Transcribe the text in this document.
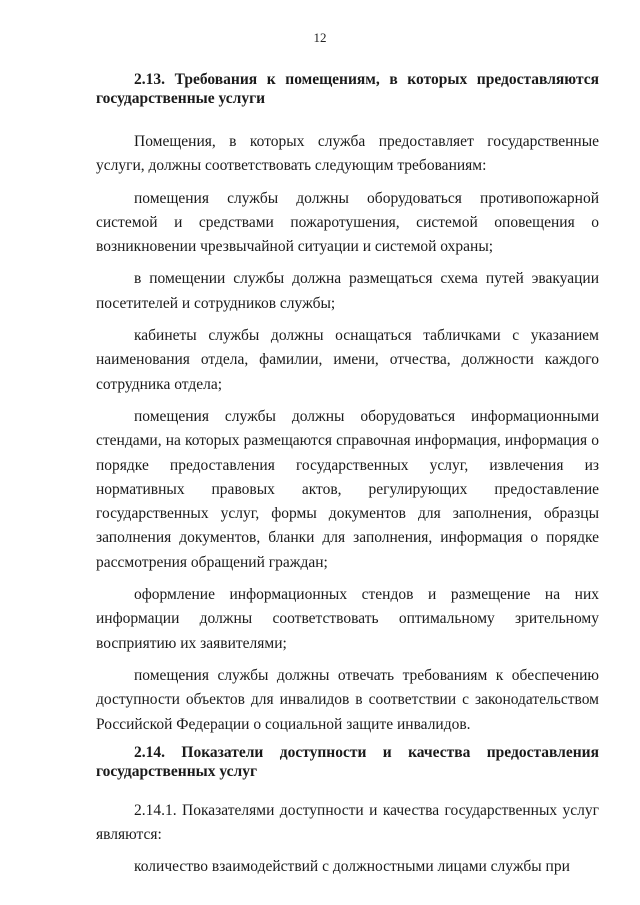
12

2.13. Требования к помещениям, в которых предоставляются государственные услуги

Помещения, в которых служба предоставляет государственные услуги, должны соответствовать следующим требованиям:

помещения службы должны оборудоваться противопожарной системой и средствами пожаротушения, системой оповещения о возникновении чрезвычайной ситуации и системой охраны;

в помещении службы должна размещаться схема путей эвакуации посетителей и сотрудников службы;

кабинеты службы должны оснащаться табличками с указанием наименования отдела, фамилии, имени, отчества, должности каждого сотрудника отдела;

помещения службы должны оборудоваться информационными стендами, на которых размещаются справочная информация, информация о порядке предоставления государственных услуг, извлечения из нормативных правовых актов, регулирующих предоставление государственных услуг, формы документов для заполнения, образцы заполнения документов, бланки для заполнения, информация о порядке рассмотрения обращений граждан;

оформление информационных стендов и размещение на них информации должны соответствовать оптимальному зрительному восприятию их заявителями;

помещения службы должны отвечать требованиям к обеспечению доступности объектов для инвалидов в соответствии с законодательством Российской Федерации о социальной защите инвалидов.

2.14. Показатели доступности и качества предоставления государственных услуг

2.14.1. Показателями доступности и качества государственных услуг являются:

количество взаимодействий с должностными лицами службы при
